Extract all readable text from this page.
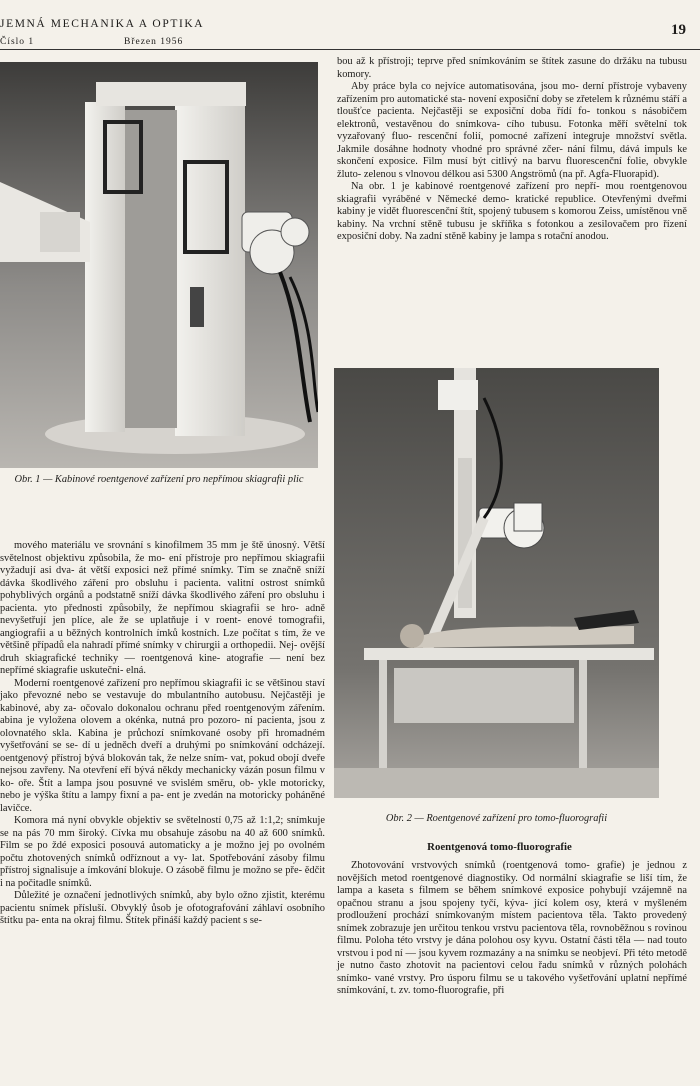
JEMNÁ MECHANIKA A OPTIKA
Číslo 1	Březen 1956
19
Obr. 1 — Kabinové roentgenové zařízení pro nepřímou skiagrafii plic

mového materiálu ve srovnání s kinofilmem 35 mm je ště únosný. Větší světelnost objektivu způsobila, že mo- ení přístroje pro nepřímou skiagrafii vyžadují asi dva- át větší exposici než přímé snímky. Tím se značně sníží dávka škodlivého záření pro obsluhu i pacienta. valitní ostrost snímků pohyblivých orgánů a podstatně sníží dávka škodlivého záření pro obsluhu i pacienta. yto přednosti způsobily, že nepřímou skiagrafii se hro- adně nevyšetřují jen plíce, ale že se uplatňuje i v roent- enové tomografii, angiografii a u běžných kontrolních ímků kostních. Lze počítat s tím, že ve většině případů ela nahradí přímé snímky v chirurgii a orthopedii. Nej- ovější druh skiagrafické techniky — roentgenová kine- atografie — není bez nepřímé skiagrafie uskutečni- elná.

Moderní roentgenové zařízení pro nepřímou skiagrafii ic se většinou staví jako převozné nebo se vestavuje do mbulantního autobusu. Nejčastěji je kabinové, aby za- očovalo dokonalou ochranu před roentgenovým zářením. abina je vyložena olovem a okénka, nutná pro pozoro- ní pacienta, jsou z olovnatého skla. Kabina je průchozí snímkované osoby při hromadném vyšetřování se se- dí u jedněch dveří a druhými po snímkování odcházejí. oentgenový přístroj bývá blokován tak, že nelze sním- vat, pokud obojí dveře nejsou zavřeny. Na otevření eří bývá někdy mechanicky vázán posun filmu v ko- oře. Štít a lampa jsou posuvné ve svislém směru, ob- ykle motoricky, nebo je výška štítu a lampy fixní a pa- ent je zvedán na motoricky poháněné lavičce.

Komora má nyní obvykle objektiv se světelností 0,75 až 1:1,2; snímkuje se na pás 70 mm široký. Cívka mu obsahuje zásobu na 40 až 600 snímků. Film se po ždé exposici posouvá automaticky a je možno jej po ovolném počtu zhotovených snímků odříznout a vy- lat. Spotřebování zásoby filmu přístroj signalisuje a ímkování blokuje. O zásobě filmu je možno se pře- ědčit i na počitadle snímků.

Důležité je označení jednotlivých snímků, aby bylo ožno zjistit, kterému pacientu snímek přísluší. Obvyklý ůsob je ofotografování záhlaví osobního štítku pa- enta na okraj filmu. Štítek přináší každý pacient s se-

bou až k přístroji; teprve před snímkováním se štítek zasune do držáku na tubusu komory.

Aby práce byla co nejvíce automatisována, jsou mo- derní přístroje vybaveny zařízením pro automatické sta- novení exposiční doby se zřetelem k různému stáří a tloušťce pacienta. Nejčastěji se exposiční doba řídí fo- tonkou s násobičem elektronů, vestavěnou do snímkova- cího tubusu. Fotonka měří světelní tok vyzařovaný fluo- rescenční folií, pomocné zařízení integruje množství světla. Jakmile dosáhne hodnoty vhodné pro správné zčer- nání filmu, dává impuls ke skončení exposice. Film musí být citlivý na barvu fluorescenční folie, obvykle žluto- zelenou s vlnovou délkou asi 5300 Angströmů (na př. Agfa-Fluorapid).

Na obr. 1 je kabinové roentgenové zařízení pro nepří- mou roentgenovou skiagrafii vyráběné v Německé demo- kratické republice. Otevřenými dveřmi kabiny je vidět fluorescenční štít, spojený tubusem s komorou Zeiss, umístěnou vně kabiny. Na vrchní stěně tubusu je skříňka s fotonkou a zesilovačem pro řízení exposiční doby. Na zadní stěně kabiny je lampa s rotační anodou.

Obr. 2 — Roentgenové zařízení pro tomo-fluorografii
Roentgenová tomo-fluorografie

Zhotovování vrstvových snímků (roentgenová tomo- grafie) je jednou z novějších metod roentgenové diagnostiky. Od normální skiagrafie se liší tím, že lampa a kaseta s filmem se během snímkové exposice pohybují vzájemně na opačnou stranu a jsou spojeny tyčí, kýva- jící kolem osy, která v myšleném prodloužení prochází snímkovaným místem pacientova těla. Takto provedený snímek zobrazuje jen určitou tenkou vrstvu pacientova těla, rovnoběžnou s rovinou filmu. Poloha této vrstvy je dána polohou osy kyvu. Ostatní části těla — nad touto vrstvou i pod ní — jsou kyvem rozmazány a na snímku se neobjeví. Při této metodě je nutno často zhotovit na pacientovi celou řadu snímků v různých polohách snímko- vané vrstvy. Pro úsporu filmu se u takového vyšetřování uplatní nepřímé snímkování, t. zv. tomo-fluorografie, při
